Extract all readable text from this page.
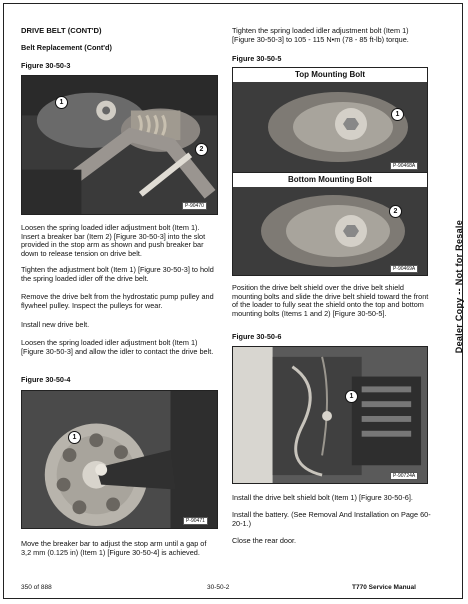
DRIVE BELT (CONT'D)
Belt Replacement (Cont'd)
Figure 30-50-3
1
2
P-90470
Loosen the spring loaded idler adjustment bolt (Item 1). Insert a breaker bar (Item 2) [Figure 30-50-3] into the slot provided in the stop arm as shown and push breaker bar down to release tension on drive belt.
Tighten the adjustment bolt (Item 1) [Figure 30-50-3] to hold the spring loaded idler off the drive belt.
Remove the drive belt from the hydrostatic pump pulley and flywheel pulley. Inspect the pulleys for wear.
Install new drive belt.
Loosen the spring loaded idler adjustment bolt (Item 1) [Figure 30-50-3] and allow the idler to contact the drive belt.
Figure 30-50-4
1
P-90471
Move the breaker bar to adjust the stop arm until a gap of 3,2 mm (0.125 in) (Item 1) [Figure 30-50-4] is achieved.
Tighten the spring loaded idler adjustment bolt (Item 1) [Figure 30-50-3] to 105 - 115 N•m (78 - 85 ft-lb) torque.
Figure 30-50-5
Top Mounting Bolt
1
P-90468A
Bottom Mounting Bolt
2
P-90469A
Position the drive belt shield over the drive belt shield mounting bolts and slide the drive belt shield toward the front of the loader to fully seat the shield onto the top and bottom mounting bolts (Items 1 and 2) [Figure 30-50-5].
Figure 30-50-6
1
P-90724A
Install the drive belt shield bolt (Item 1) [Figure 30-50-6].
Install the battery. (See Removal And Installation on Page 60-20-1.)
Close the rear door.
Dealer Copy -- Not for Resale
350 of 888	30-50-2	T770 Service Manual
